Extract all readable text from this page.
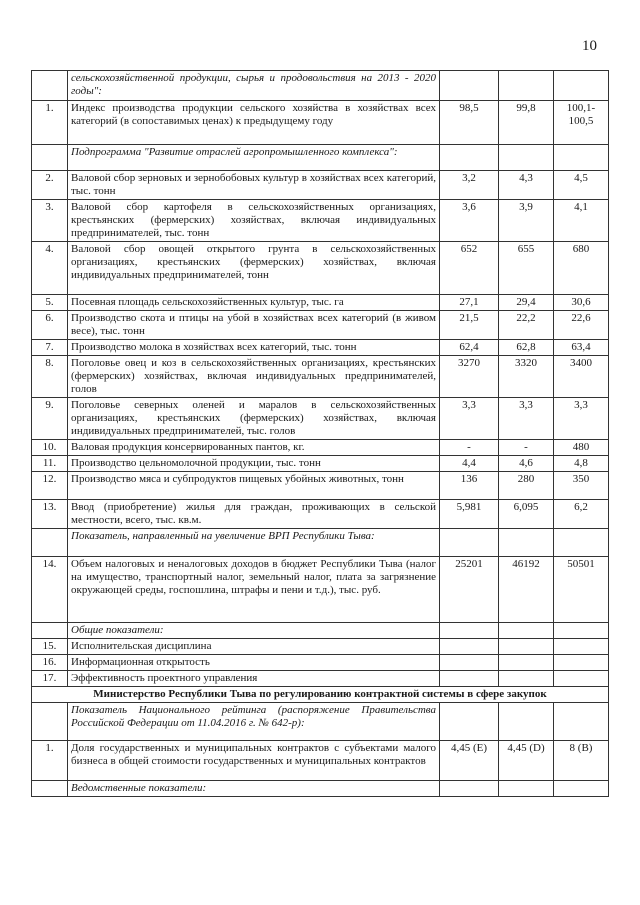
10
	сельскохозяйственной продукции, сырья и продовольствия на 2013 - 2020 годы":			
1.	Индекс производства продукции сельского хозяйства в хозяйствах всех категорий (в сопоставимых ценах) к предыдущему году	98,5	99,8	100,1-100,5
	Подпрограмма "Развитие отраслей агропромышленного комплекса":			
2.	Валовой сбор зерновых и зернобобовых культур в хозяйствах всех категорий, тыс. тонн	3,2	4,3	4,5
3.	Валовой сбор картофеля в сельскохозяйственных организациях, крестьянских (фермерских) хозяйствах, включая индивидуальных предпринимателей, тыс. тонн	3,6	3,9	4,1
4.	Валовой сбор овощей открытого грунта в сельскохозяйственных организациях, крестьянских (фермерских) хозяйствах, включая индивидуальных предпринимателей, тонн	652	655	680
5.	Посевная площадь сельскохозяйственных культур, тыс. га	27,1	29,4	30,6
6.	Производство скота и птицы на убой в хозяйствах всех категорий (в живом весе), тыс. тонн	21,5	22,2	22,6
7.	Производство молока в хозяйствах всех категорий, тыс. тонн	62,4	62,8	63,4
8.	Поголовье овец и коз в сельскохозяйственных организациях, крестьянских (фермерских) хозяйствах, включая индивидуальных предпринимателей, голов	3270	3320	3400
9.	Поголовье северных оленей и маралов в сельскохозяйственных организациях, крестьянских (фермерских) хозяйствах, включая индивидуальных предпринимателей, тыс. голов	3,3	3,3	3,3
10.	Валовая продукция консервированных пантов, кг.	-	-	480
11.	Производство цельномолочной продукции, тыс. тонн	4,4	4,6	4,8
12.	Производство мяса и субпродуктов пищевых убойных животных, тонн	136	280	350
13.	Ввод (приобретение) жилья для граждан, проживающих в сельской местности, всего, тыс. кв.м.	5,981	6,095	6,2
	Показатель, направленный на увеличение ВРП Республики Тыва:			
14.	Объем налоговых и неналоговых доходов в бюджет Республики Тыва (налог на имущество, транспортный налог, земельный налог, плата за загрязнение окружающей среды, госпошлина, штрафы и пени и т.д.), тыс. руб.	25201	46192	50501
	Общие показатели:			
15.	Исполнительская дисциплина			
16.	Информационная открытость			
17.	Эффективность проектного управления			
Министерство Республики Тыва по регулированию контрактной системы в сфере закупок				
	Показатель Национального рейтинга (распоряжение Правительства Российской Федерации от 11.04.2016 г. № 642-р):			
1.	Доля государственных и муниципальных контрактов с субъектами малого бизнеса в общей стоимости государственных и муниципальных контрактов	4,45 (E)	4,45 (D)	8 (B)
	Ведомственные показатели:			
